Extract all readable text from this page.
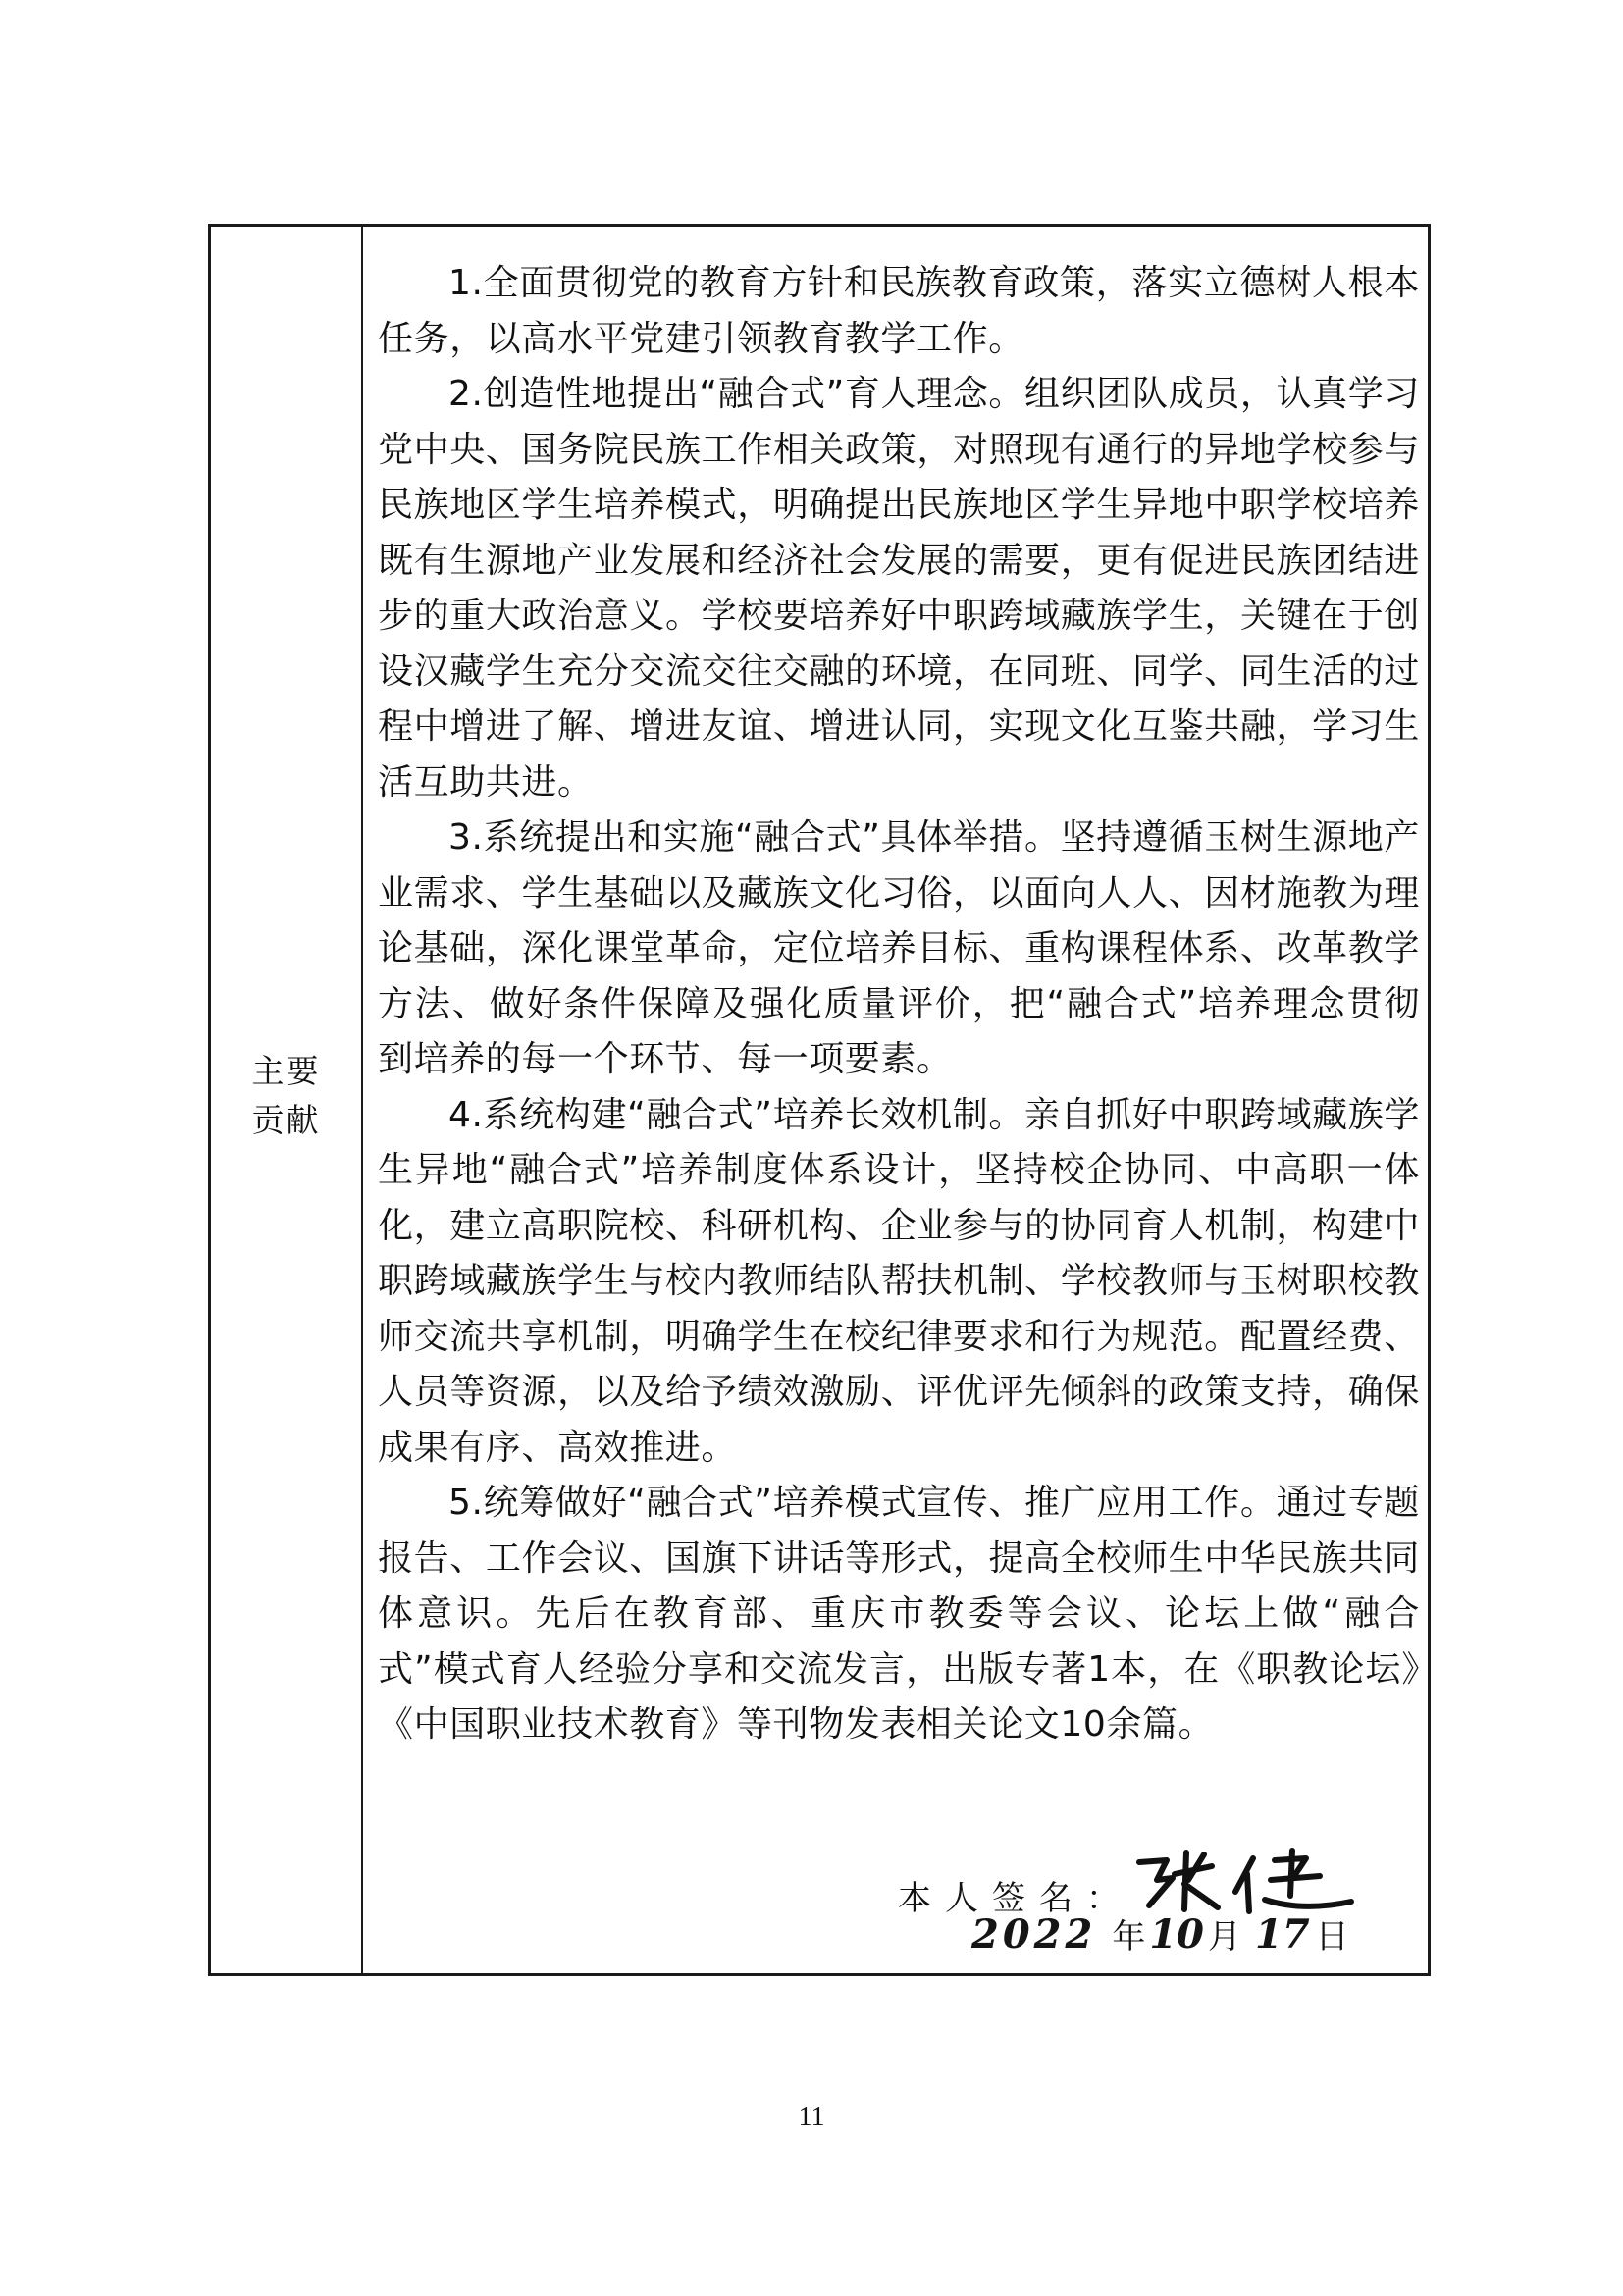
主要
贡献

1.全面贯彻党的教育方针和民族教育政策，落实立德树人根本任务，以高水平党建引领教育教学工作。

2.创造性地提出“融合式”育人理念。组织团队成员，认真学习党中央、国务院民族工作相关政策，对照现有通行的异地学校参与民族地区学生培养模式，明确提出民族地区学生异地中职学校培养既有生源地产业发展和经济社会发展的需要，更有促进民族团结进步的重大政治意义。学校要培养好中职跨域藏族学生，关键在于创设汉藏学生充分交流交往交融的环境，在同班、同学、同生活的过程中增进了解、增进友谊、增进认同，实现文化互鉴共融，学习生活互助共进。

3.系统提出和实施“融合式”具体举措。坚持遵循玉树生源地产业需求、学生基础以及藏族文化习俗，以面向人人、因材施教为理论基础，深化课堂革命，定位培养目标、重构课程体系、改革教学方法、做好条件保障及强化质量评价，把“融合式”培养理念贯彻到培养的每一个环节、每一项要素。

4.系统构建“融合式”培养长效机制。亲自抓好中职跨域藏族学生异地“融合式”培养制度体系设计，坚持校企协同、中高职一体化，建立高职院校、科研机构、企业参与的协同育人机制，构建中职跨域藏族学生与校内教师结队帮扶机制、学校教师与玉树职校教师交流共享机制，明确学生在校纪律要求和行为规范。配置经费、人员等资源，以及给予绩效激励、评优评先倾斜的政策支持，确保成果有序、高效推进。

5.统筹做好“融合式”培养模式宣传、推广应用工作。通过专题报告、工作会议、国旗下讲话等形式，提高全校师生中华民族共同体意识。先后在教育部、重庆市教委等会议、论坛上做“融合式”模式育人经验分享和交流发言，出版专著1本，在《职教论坛》《中国职业技术教育》等刊物发表相关论文10余篇。

本人签名：
2022 年 10 月 17 日
11
